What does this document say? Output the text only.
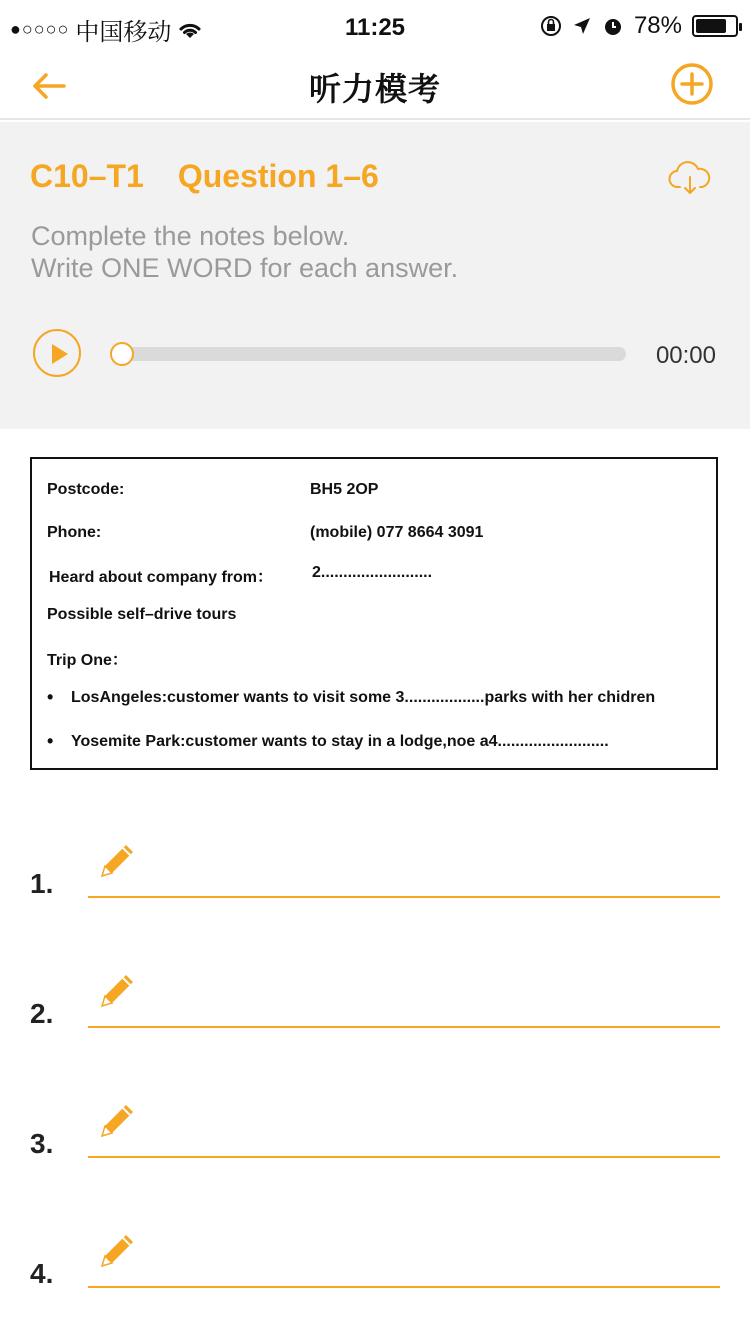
●○○○○ 中国移动	11:25	78%
听力模考
C10–T1 Question 1–6
Complete the notes below.
Write ONE WORD for each answer.
00:00
Postcode:	BH5 2OP
Phone:	(mobile) 077 8664 3091
Heard about company from： 2.........................
Possible self–drive tours
Trip One：
LosAngeles:customer wants to visit some 3..................parks with her chidren
Yosemite Park:customer wants to stay in a lodge,noe a4.........................
1.
2.
3.
4.
